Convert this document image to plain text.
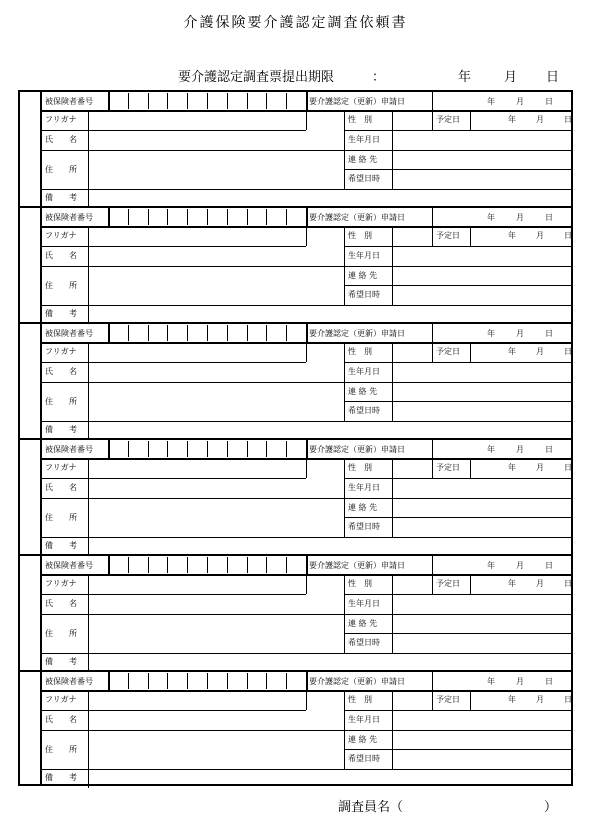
介護保険要介護認定調査依頼書
要介護認定調査票提出期限	：	年	月 日
被保険者番号	要介護認定（更新）申請日	年	月	日
フリガナ	性　別	予定日	年	月	日
氏　　名	生年月日
住　　所
連 絡 先
希望日時
備　　考
被保険者番号	要介護認定（更新）申請日	年	月	日
フリガナ	性　別	予定日	年	月	日
氏　　名	生年月日
住　　所
連 絡 先
希望日時
備　　考
被保険者番号	要介護認定（更新）申請日	年	月	日
フリガナ	性　別	予定日	年	月	日
氏　　名	生年月日
住　　所
連 絡 先
希望日時
備　　考
被保険者番号	要介護認定（更新）申請日	年	月	日
フリガナ	性　別	予定日	年	月	日
氏　　名	生年月日
住　　所
連 絡 先
希望日時
備　　考
被保険者番号	要介護認定（更新）申請日	年	月	日
フリガナ	性　別	予定日	年	月	日
氏　　名	生年月日
住　　所
連 絡 先
希望日時
備　　考
被保険者番号	要介護認定（更新）申請日	年	月	日
フリガナ	性　別	予定日	年	月	日
氏　　名	生年月日
住　　所
連 絡 先
希望日時
備　　考
調査員名（	）
